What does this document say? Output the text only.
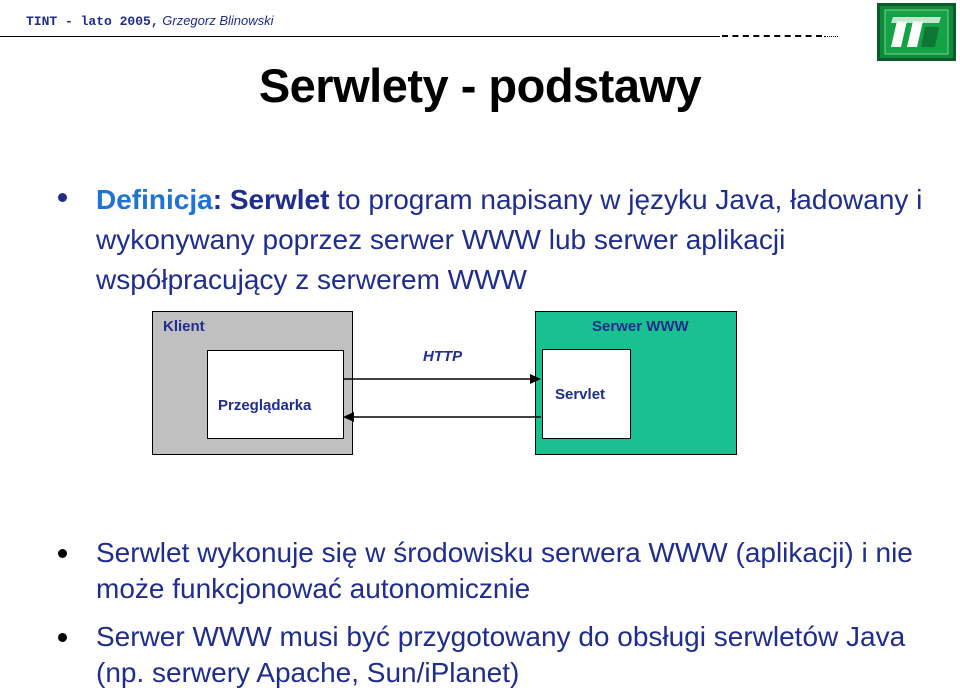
TINT - lato 2005, Grzegorz Blinowski
Serwlety - podstawy
Definicja: Serwlet to program napisany w języku Java, ładowany i wykonywany poprzez serwer WWW lub serwer aplikacji współpracujący z serwerem WWW
Klient	Serwer WWW
HTTP
Przeglądarka
Servlet
Serwlet wykonuje się w środowisku serwera WWW (aplikacji) i nie może funkcjonować autonomicznie
Serwer WWW musi być przygotowany do obsługi serwletów Java (np. serwery Apache, Sun/iPlanet)
